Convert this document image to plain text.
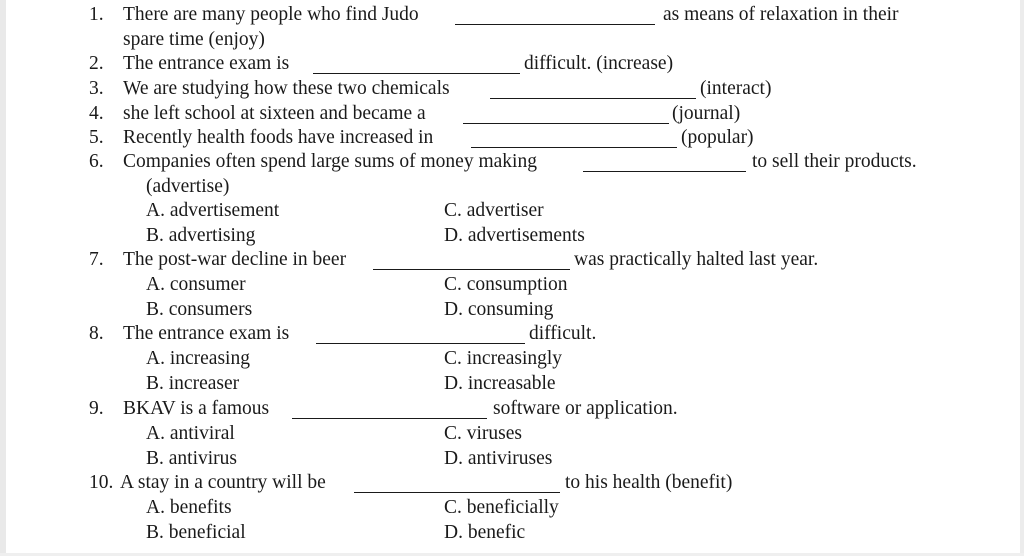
1. There are many people who find Judo	as means of relaxation in their
spare time (enjoy)
2. The entrance exam is	difficult. (increase)
3. We are studying how these two chemicals	(interact)
4. she left school at sixteen and became a	(journal)
5. Recently health foods have increased in	(popular)
6. Companies often spend large sums of money making	to sell their products.
(advertise)
A. advertisement	C. advertiser
B. advertising	D. advertisements
7. The post-war decline in beer	was practically halted last year.
A. consumer	C. consumption
B. consumers	D. consuming
8. The entrance exam is	difficult.
A. increasing	C. increasingly
B. increaser	D. increasable
9. BKAV is a famous	software or application.
A. antiviral	C. viruses
B. antivirus	D. antiviruses
10. A stay in a country will be	to his health (benefit)
A. benefits	C. beneficially
B. beneficial	D. benefic
